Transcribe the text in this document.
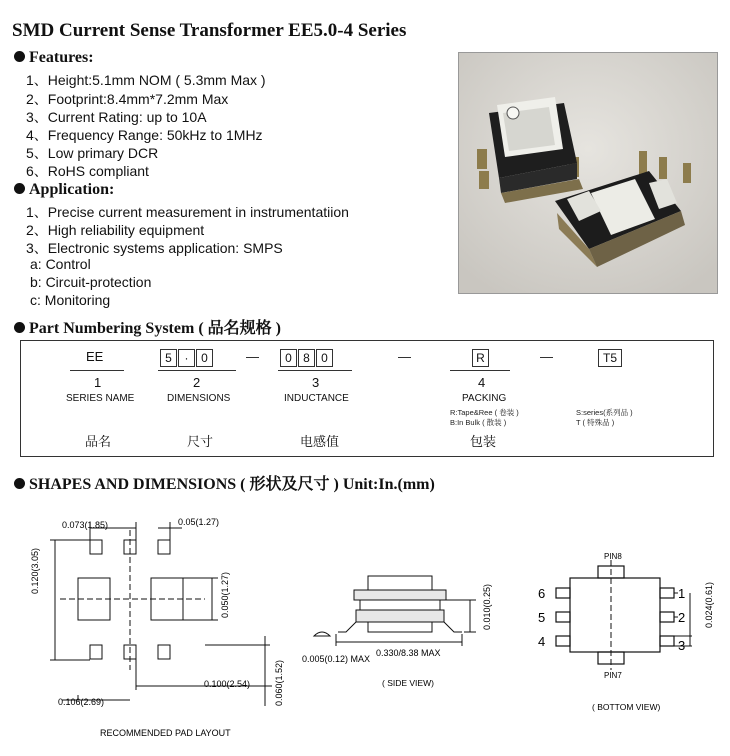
SMD Current Sense Transformer EE5.0-4 Series
Features:
1、Height:5.1mm NOM ( 5.3mm Max )
2、Footprint:8.4mm*7.2mm Max
3、Current Rating: up to 10A
4、Frequency Range: 50kHz to 1MHz
5、Low primary DCR
6、RoHS compliant
Application:
1、Precise current measurement in instrumentatiion
2、High reliability equipment
3、Electronic systems application: SMPS
a: Control
b: Circuit-protection
c: Monitoring
Part Numbering System ( 品名规格 )
EE	5 · 0	—	0 8 0	—	R	—	T5
1	2	3	4
SERIES NAME	DIMENSIONS	INDUCTANCE	PACKING
R:Tape&Ree ( 卷装 )
B:In Bulk ( 散装 )
S:series(系列品 )
T ( 特殊品 )
品名	尺寸	电感值	包装
SHAPES AND DIMENSIONS ( 形状及尺寸 ) Unit:In.(mm)
0.073(1.85)	0.05(1.27)
0.120(3.05)
0.050(1.27)
0.100(2.54)
0.106(2.69)	0.060(1.52)
RECOMMENDED PAD LAYOUT
0.010(0.25)
0.005(0.12) MAX
0.330/8.38 MAX
( SIDE VIEW)
PIN8
PIN7
6
5
4
1
2
3
0.024(0.61)
( BOTTOM VIEW)
